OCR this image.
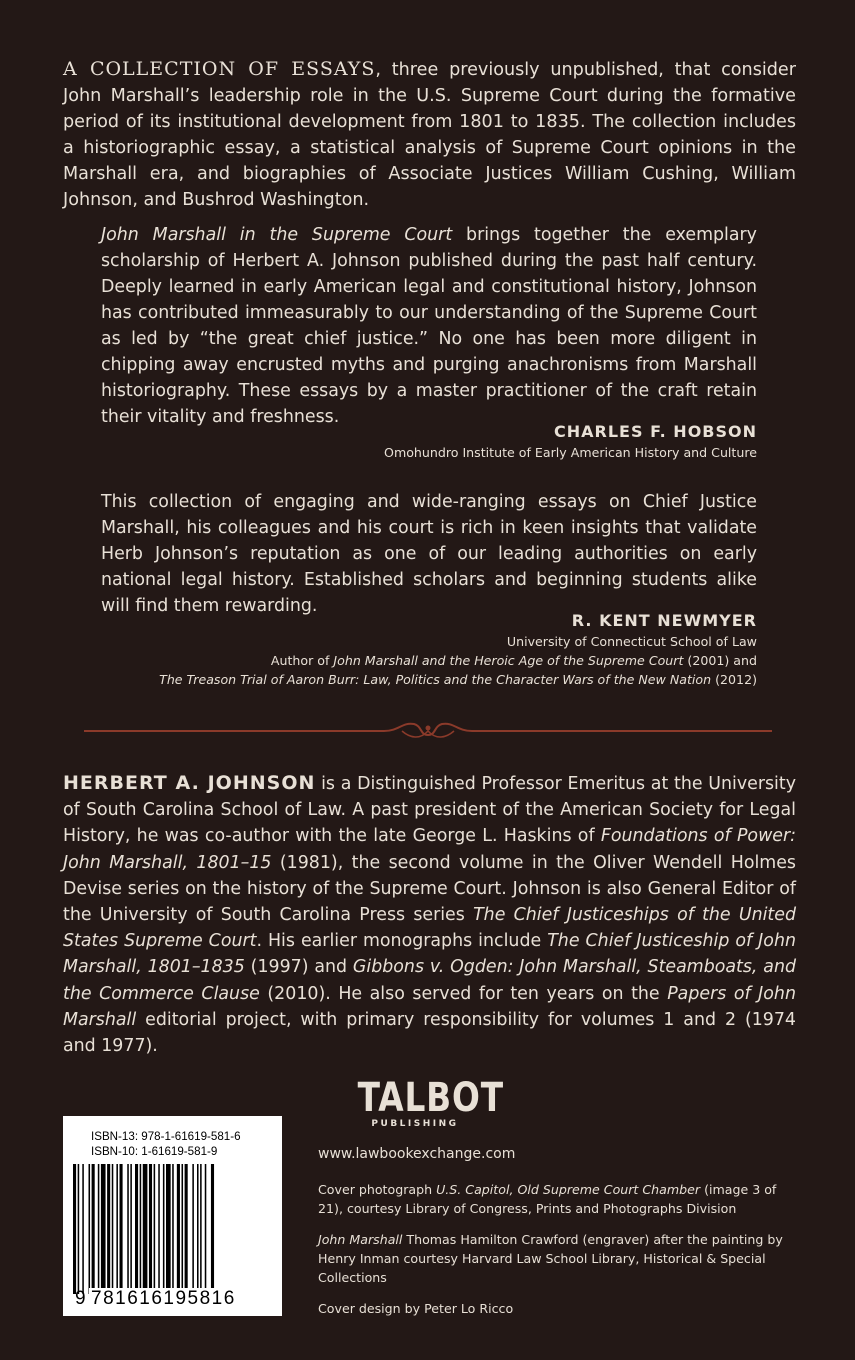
A COLLECTION OF ESSAYS, three previously unpublished, that consider John Marshall’s leadership role in the U.S. Supreme Court during the formative period of its institutional development from 1801 to 1835. The collection includes a historiographic essay, a statistical analysis of Supreme Court opinions in the Marshall era, and biographies of Associate Justices William Cushing, William Johnson, and Bushrod Washington.

John Marshall in the Supreme Court brings together the exemplary scholarship of Herbert A. Johnson published during the past half century. Deeply learned in early American legal and constitutional history, Johnson has contributed immeasurably to our understanding of the Supreme Court as led by “the great chief justice.” No one has been more diligent in chipping away encrusted myths and purging anachronisms from Marshall historiography. These essays by a master practitioner of the craft retain their vitality and freshness.

CHARLES F. HOBSON
Omohundro Institute of Early American History and Culture

This collection of engaging and wide-ranging essays on Chief Justice Marshall, his colleagues and his court is rich in keen insights that validate Herb Johnson’s reputation as one of our leading authorities on early national legal history. Established scholars and beginning students alike will find them rewarding.

R. KENT NEWMYER
University of Connecticut School of Law
Author of John Marshall and the Heroic Age of the Supreme Court (2001) and
The Treason Trial of Aaron Burr: Law, Politics and the Character Wars of the New Nation (2012)

HERBERT A. JOHNSON is a Distinguished Professor Emeritus at the University of South Carolina School of Law. A past president of the American Society for Legal History, he was co-author with the late George L. Haskins of Foundations of Power: John Marshall, 1801–15 (1981), the second volume in the Oliver Wendell Holmes Devise series on the history of the Supreme Court. Johnson is also General Editor of the University of South Carolina Press series The Chief Justiceships of the United States Supreme Court. His earlier monographs include The Chief Justiceship of John Marshall, 1801–1835 (1997) and Gibbons v. Ogden: John Marshall, Steamboats, and the Commerce Clause (2010). He also served for ten years on the Papers of John Marshall editorial project, with primary responsibility for volumes 1 and 2 (1974 and 1977).

ISBN-13: 978-1-61619-581-6
ISBN-10: 1-61619-581-9
9 781616195816
TALBOT
PUBLISHING
www.lawbookexchange.com

Cover photograph U.S. Capitol, Old Supreme Court Chamber (image 3 of 21), courtesy Library of Congress, Prints and Photographs Division

John Marshall Thomas Hamilton Crawford (engraver) after the painting by Henry Inman courtesy Harvard Law School Library, Historical & Special Collections

Cover design by Peter Lo Ricco
